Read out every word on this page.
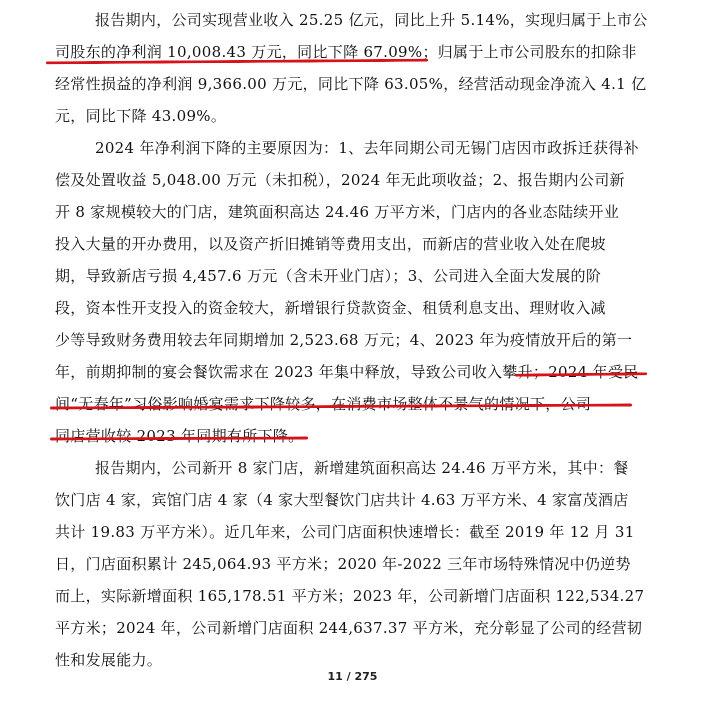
报告期内，公司实现营业收入 25.25 亿元，同比上升 5.14%，实现归属于上市公
司股东的净利润 10,008.43 万元，同比下降 67.09%；归属于上市公司股东的扣除非
经常性损益的净利润 9,366.00 万元，同比下降 63.05%，经营活动现金净流入 4.1 亿
元，同比下降 43.09%。
2024 年净利润下降的主要原因为：1、去年同期公司无锡门店因市政拆迁获得补
偿及处置收益 5,048.00 万元（未扣税），2024 年无此项收益；2、报告期内公司新
开 8 家规模较大的门店，建筑面积高达 24.46 万平方米，门店内的各业态陆续开业
投入大量的开办费用，以及资产折旧摊销等费用支出，而新店的营业收入处在爬坡
期，导致新店亏损 4,457.6 万元（含未开业门店）；3、公司进入全面大发展的阶
段，资本性开支投入的资金较大，新增银行贷款资金、租赁利息支出、理财收入减
少等导致财务费用较去年同期增加 2,523.68 万元；4、2023 年为疫情放开后的第一
年，前期抑制的宴会餐饮需求在 2023 年集中释放，导致公司收入攀升；2024 年受民
间“无春年”习俗影响婚宴需求下降较多，在消费市场整体不景气的情况下，公司
同店营收较 2023 年同期有所下降。
报告期内，公司新开 8 家门店，新增建筑面积高达 24.46 万平方米，其中：餐
饮门店 4 家，宾馆门店 4 家（4 家大型餐饮门店共计 4.63 万平方米、4 家富茂酒店
共计 19.83 万平方米）。近几年来，公司门店面积快速增长：截至 2019 年 12 月 31
日，门店面积累计 245,064.93 平方米；2020 年-2022 三年市场特殊情况中仍逆势
而上，实际新增面积 165,178.51 平方米；2023 年，公司新增门店面积 122,534.27
平方米；2024 年，公司新增门店面积 244,637.37 平方米，充分彰显了公司的经营韧
性和发展能力。
11 / 275
